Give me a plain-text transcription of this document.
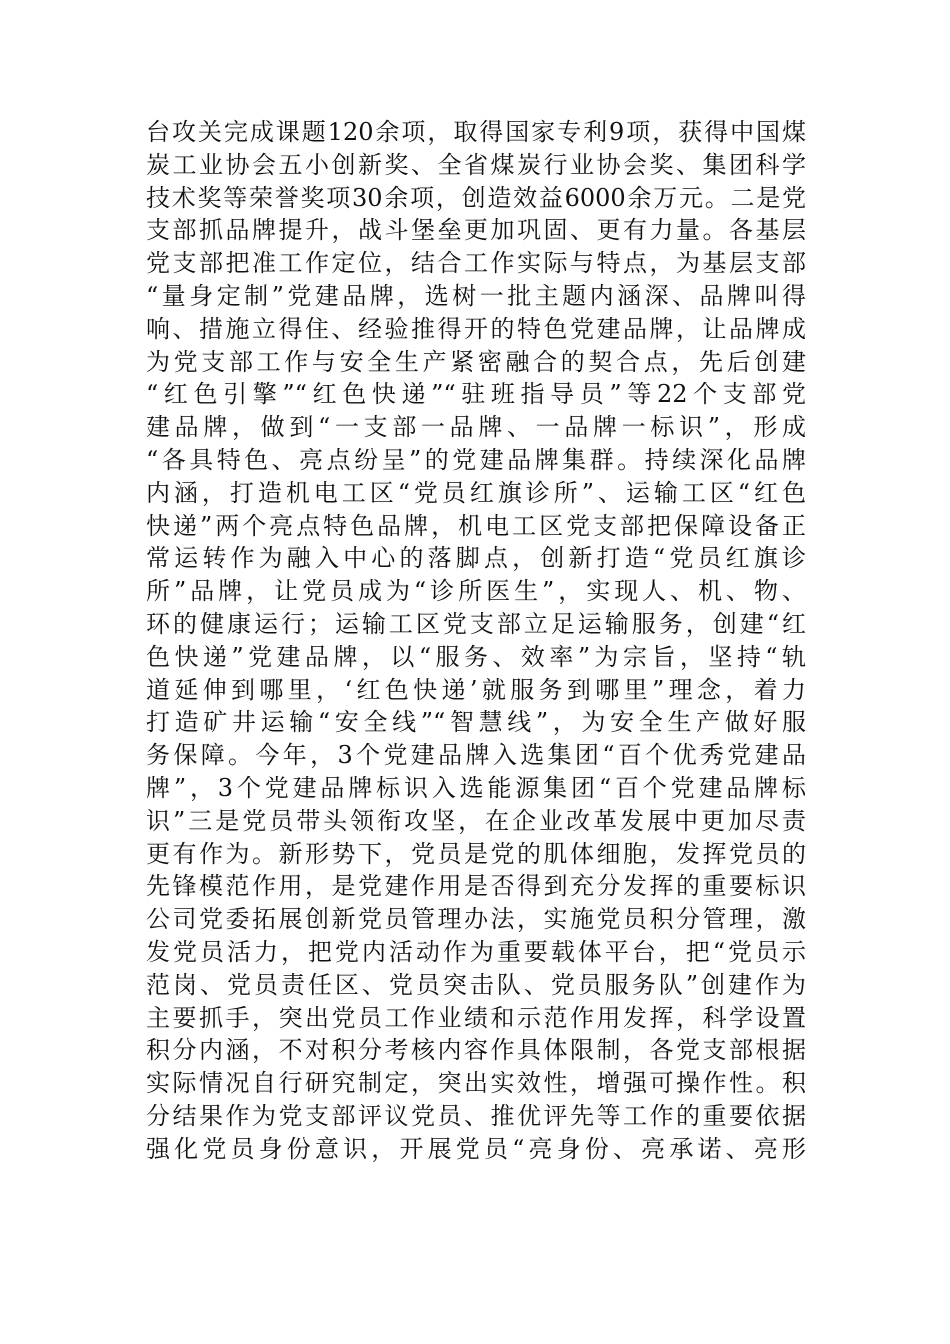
台攻关完成课题120余项，取得国家专利9项，获得中国煤
炭工业协会五小创新奖、全省煤炭行业协会奖、集团科学
技术奖等荣誉奖项30余项，创造效益6000余万元。二是党
支部抓品牌提升，战斗堡垒更加巩固、更有力量。各基层
党支部把准工作定位，结合工作实际与特点，为基层支部
“量身定制”党建品牌，选树一批主题内涵深、品牌叫得
响、措施立得住、经验推得开的特色党建品牌，让品牌成
为党支部工作与安全生产紧密融合的契合点，先后创建
“红色引擎”“红色快递”“驻班指导员”等22个支部党
建品牌，做到“一支部一品牌、一品牌一标识”，形成
“各具特色、亮点纷呈”的党建品牌集群。持续深化品牌
内涵，打造机电工区“党员红旗诊所”、运输工区“红色
快递”两个亮点特色品牌，机电工区党支部把保障设备正
常运转作为融入中心的落脚点，创新打造“党员红旗诊
所”品牌，让党员成为“诊所医生”，实现人、机、物、
环的健康运行；运输工区党支部立足运输服务，创建“红
色快递”党建品牌，以“服务、效率”为宗旨，坚持“轨
道延伸到哪里，‘红色快递’就服务到哪里”理念，着力
打造矿井运输“安全线”“智慧线”，为安全生产做好服
务保障。今年，3个党建品牌入选集团“百个优秀党建品
牌”，3个党建品牌标识入选能源集团“百个党建品牌标
识”三是党员带头领衔攻坚，在企业改革发展中更加尽责
更有作为。新形势下，党员是党的肌体细胞，发挥党员的
先锋模范作用，是党建作用是否得到充分发挥的重要标识
公司党委拓展创新党员管理办法，实施党员积分管理，激
发党员活力，把党内活动作为重要载体平台，把“党员示
范岗、党员责任区、党员突击队、党员服务队”创建作为
主要抓手，突出党员工作业绩和示范作用发挥，科学设置
积分内涵，不对积分考核内容作具体限制，各党支部根据
实际情况自行研究制定，突出实效性，增强可操作性。积
分结果作为党支部评议党员、推优评先等工作的重要依据
强化党员身份意识，开展党员“亮身份、亮承诺、亮形
